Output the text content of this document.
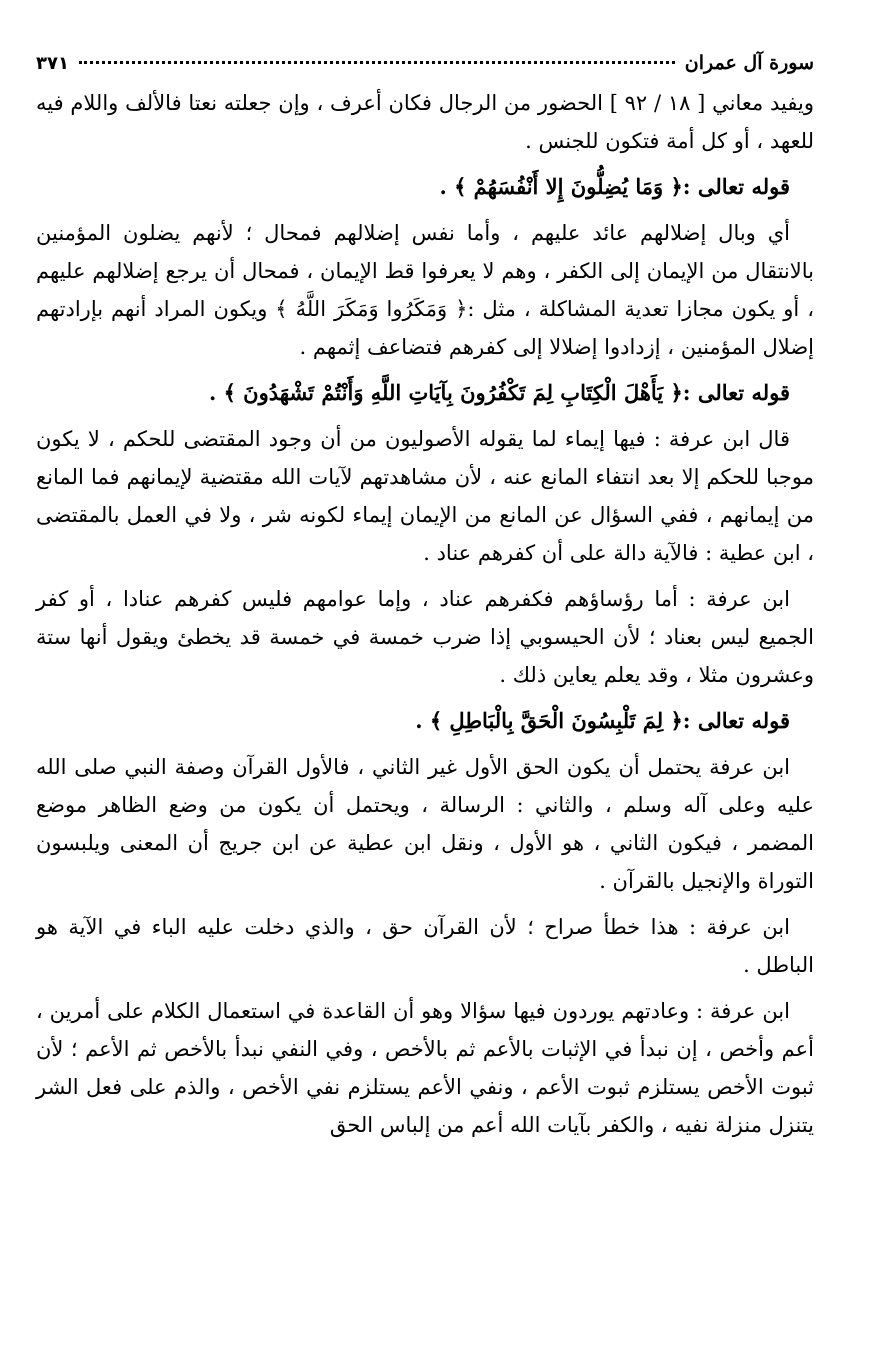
سورة آل عمران
٣٧١

ويفيد معاني [ ١٨ / ٩٢ ] الحضور من الرجال فكان أعرف ، وإن جعلته نعتا فالألف واللام فيه للعهد ، أو كل أمة فتكون للجنس .

قوله تعالى :﴿ وَمَا يُضِلُّونَ إِلا أَنْفُسَهُمْ ﴾ .

أي وبال إضلالهم عائد عليهم ، وأما نفس إضلالهم فمحال ؛ لأنهم يضلون المؤمنين بالانتقال من الإيمان إلى الكفر ، وهم لا يعرفوا قط الإيمان ، فمحال أن يرجع إضلالهم عليهم ، أو يكون مجازا تعدية المشاكلة ، مثل :﴿ وَمَكَرُوا وَمَكَرَ اللَّهُ ﴾ ويكون المراد أنهم بإرادتهم إضلال المؤمنين ، إزدادوا إضلالا إلى كفرهم فتضاعف إثمهم .

قوله تعالى :﴿ يَأَهْلَ الْكِتَابِ لِمَ تَكْفُرُونَ بِآيَاتِ اللَّهِ وَأَنْتُمْ تَشْهَدُونَ ﴾ .

قال ابن عرفة : فيها إيماء لما يقوله الأصوليون من أن وجود المقتضى للحكم ، لا يكون موجبا للحكم إلا بعد انتفاء المانع عنه ، لأن مشاهدتهم لآيات الله مقتضية لإيمانهم فما المانع من إيمانهم ، ففي السؤال عن المانع من الإيمان إيماء لكونه شر ، ولا في العمل بالمقتضى ، ابن عطية : فالآية دالة على أن كفرهم عناد .

ابن عرفة : أما رؤساؤهم فكفرهم عناد ، وإما عوامهم فليس كفرهم عنادا ، أو كفر الجميع ليس بعناد ؛ لأن الحيسوبي إذا ضرب خمسة في خمسة قد يخطئ ويقول أنها ستة وعشرون مثلا ، وقد يعلم يعاين ذلك .

قوله تعالى :﴿ لِمَ تَلْبِسُونَ الْحَقَّ بِالْبَاطِلِ ﴾ .

ابن عرفة يحتمل أن يكون الحق الأول غير الثاني ، فالأول القرآن وصفة النبي صلى الله عليه وعلى آله وسلم ، والثاني : الرسالة ، ويحتمل أن يكون من وضع الظاهر موضع المضمر ، فيكون الثاني ، هو الأول ، ونقل ابن عطية عن ابن جريج أن المعنى ويلبسون التوراة والإنجيل بالقرآن .

ابن عرفة : هذا خطأ صراح ؛ لأن القرآن حق ، والذي دخلت عليه الباء في الآية هو الباطل .

ابن عرفة : وعادتهم يوردون فيها سؤالا وهو أن القاعدة في استعمال الكلام على أمرين ، أعم وأخص ، إن نبدأ في الإثبات بالأعم ثم بالأخص ، وفي النفي نبدأ بالأخص ثم الأعم ؛ لأن ثبوت الأخص يستلزم ثبوت الأعم ، ونفي الأعم يستلزم نفي الأخص ، والذم على فعل الشر يتنزل منزلة نفيه ، والكفر بآيات الله أعم من إلباس الحق
